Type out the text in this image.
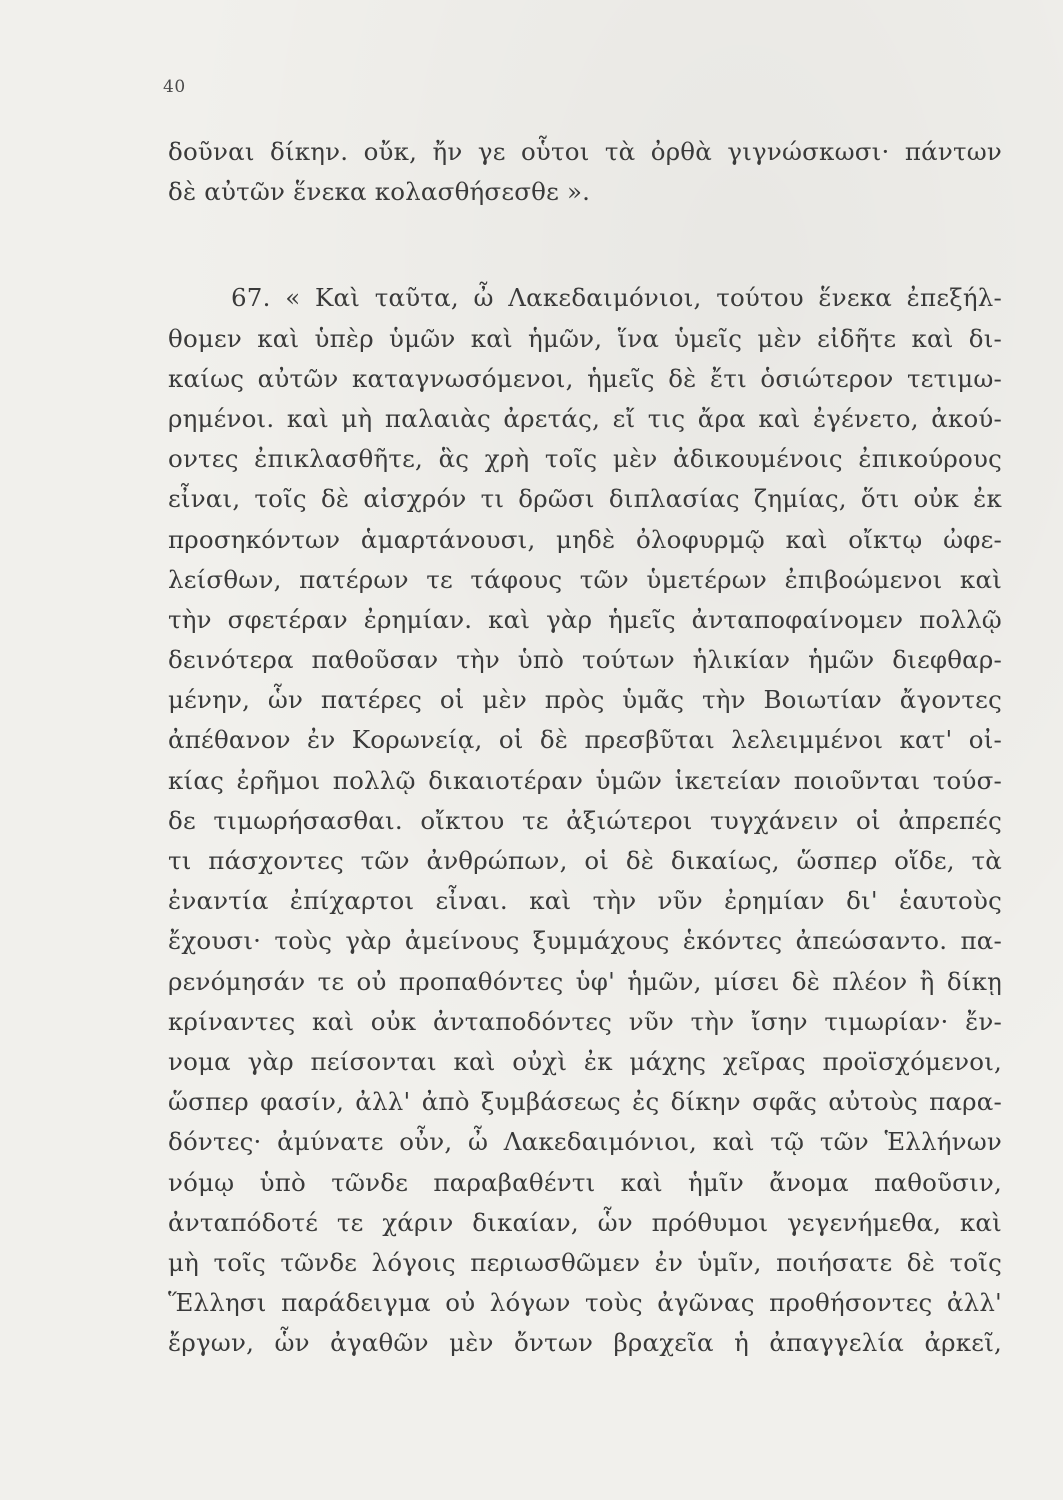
40
δοῦναι δίκην. οὔκ, ἤν γε οὗτοι τὰ ὀρθὰ γιγνώσκωσι· πάντων
δὲ αὐτῶν ἕνεκα κολασθήσεσθε ».
67. « Καὶ ταῦτα, ὦ Λακεδαιμόνιοι, τούτου ἕνεκα ἐπεξήλ-
θομεν καὶ ὑπὲρ ὑμῶν καὶ ἡμῶν, ἵνα ὑμεῖς μὲν εἰδῆτε καὶ δι-
καίως αὐτῶν καταγνωσόμενοι, ἡμεῖς δὲ ἔτι ὁσιώτερον τετιμω-
ρημένοι. καὶ μὴ παλαιὰς ἀρετάς, εἴ τις ἄρα καὶ ἐγένετο, ἀκού-
οντες ἐπικλασθῆτε, ἃς χρὴ τοῖς μὲν ἀδικουμένοις ἐπικούρους
εἶναι, τοῖς δὲ αἰσχρόν τι δρῶσι διπλασίας ζημίας, ὅτι οὐκ ἐκ
προσηκόντων ἁμαρτάνουσι, μηδὲ ὀλοφυρμῷ καὶ οἴκτῳ ὠφε-
λείσθων, πατέρων τε τάφους τῶν ὑμετέρων ἐπιβοώμενοι καὶ
τὴν σφετέραν ἐρημίαν. καὶ γὰρ ἡμεῖς ἀνταποφαίνομεν πολλῷ
δεινότερα παθοῦσαν τὴν ὑπὸ τούτων ἡλικίαν ἡμῶν διεφθαρ-
μένην, ὧν πατέρες οἱ μὲν πρὸς ὑμᾶς τὴν Βοιωτίαν ἄγοντες
ἀπέθανον ἐν Κορωνείᾳ, οἱ δὲ πρεσβῦται λελειμμένοι κατ' οἰ-
κίας ἐρῆμοι πολλῷ δικαιοτέραν ὑμῶν ἱκετείαν ποιοῦνται τούσ-
δε τιμωρήσασθαι. οἴκτου τε ἀξιώτεροι τυγχάνειν οἱ ἀπρεπές
τι πάσχοντες τῶν ἀνθρώπων, οἱ δὲ δικαίως, ὥσπερ οἵδε, τὰ
ἐναντία ἐπίχαρτοι εἶναι. καὶ τὴν νῦν ἐρημίαν δι' ἑαυτοὺς
ἔχουσι· τοὺς γὰρ ἀμείνους ξυμμάχους ἑκόντες ἀπεώσαντο. πα-
ρενόμησάν τε οὐ προπαθόντες ὑφ' ἡμῶν, μίσει δὲ πλέον ἢ δίκῃ
κρίναντες καὶ οὐκ ἀνταποδόντες νῦν τὴν ἴσην τιμωρίαν· ἔν-
νομα γὰρ πείσονται καὶ οὐχὶ ἐκ μάχης χεῖρας προϊσχόμενοι,
ὥσπερ φασίν, ἀλλ' ἀπὸ ξυμβάσεως ἐς δίκην σφᾶς αὐτοὺς παρα-
δόντες· ἀμύνατε οὖν, ὦ Λακεδαιμόνιοι, καὶ τῷ τῶν Ἑλλήνων
νόμῳ ὑπὸ τῶνδε παραβαθέντι καὶ ἡμῖν ἄνομα παθοῦσιν,
ἀνταπόδοτέ τε χάριν δικαίαν, ὧν πρόθυμοι γεγενήμεθα, καὶ
μὴ τοῖς τῶνδε λόγοις περιωσθῶμεν ἐν ὑμῖν, ποιήσατε δὲ τοῖς
Ἕλλησι παράδειγμα οὐ λόγων τοὺς ἀγῶνας προθήσοντες ἀλλ'
ἔργων, ὧν ἀγαθῶν μὲν ὄντων βραχεῖα ἡ ἀπαγγελία ἀρκεῖ,
